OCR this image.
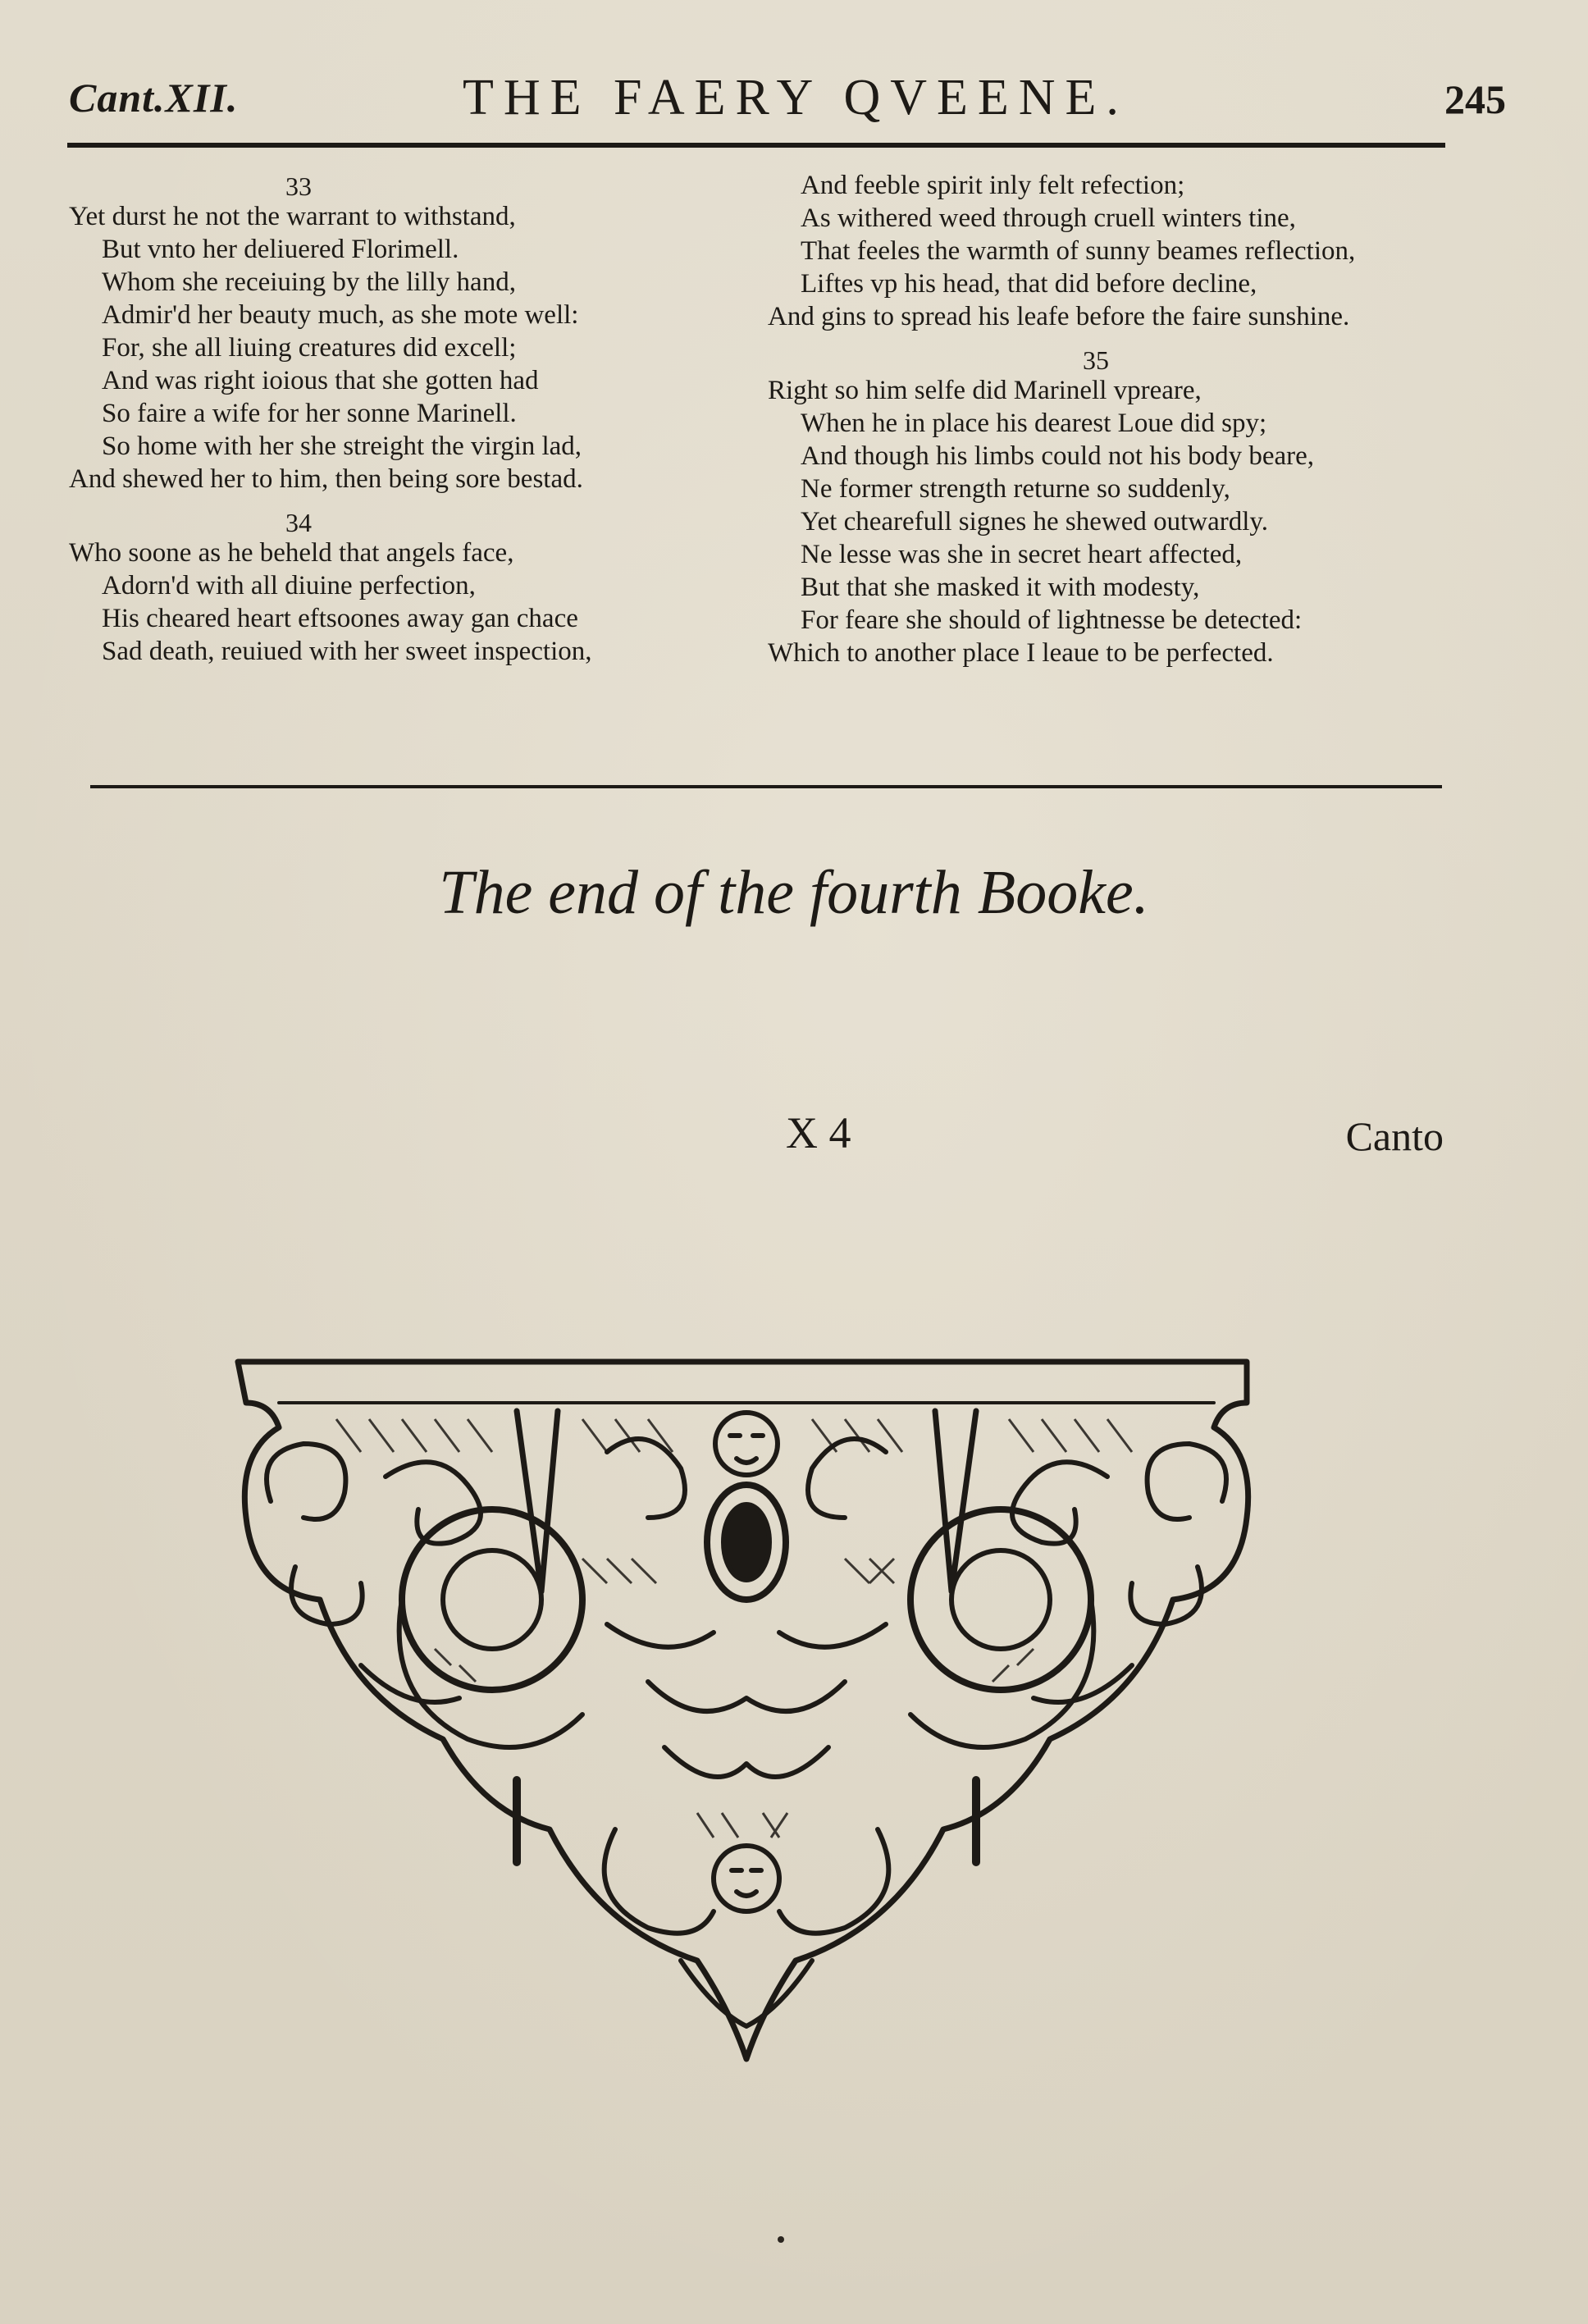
Cant.XII.	THE FAERY QVEENE.	245
33
Yet durst he not the warrant to withstand,
But vnto her deliuered Florimell.
Whom she receiuing by the lilly hand,
Admir'd her beauty much, as she mote well:
For, she all liuing creatures did excell;
And was right ioious that she gotten had
So faire a wife for her sonne Marinell.
So home with her she streight the virgin lad,
And shewed her to him, then being sore bestad.
34
Who soone as he beheld that angels face,
Adorn'd with all diuine perfection,
His cheared heart eftsoones away gan chace
Sad death, reuiued with her sweet inspection,
And feeble spirit inly felt refection;
As withered weed through cruell winters tine,
That feeles the warmth of sunny beames reflection,
Liftes vp his head, that did before decline,
And gins to spread his leafe before the faire sunshine.
35
Right so him selfe did Marinell vpreare,
When he in place his dearest Loue did spy;
And though his limbs could not his body beare,
Ne former strength returne so suddenly,
Yet chearefull signes he shewed outwardly.
Ne lesse was she in secret heart affected,
But that she masked it with modesty,
For feare she should of lightnesse be detected:
Which to another place I leaue to be perfected.
The end of the fourth Booke.
X 4	Canto
